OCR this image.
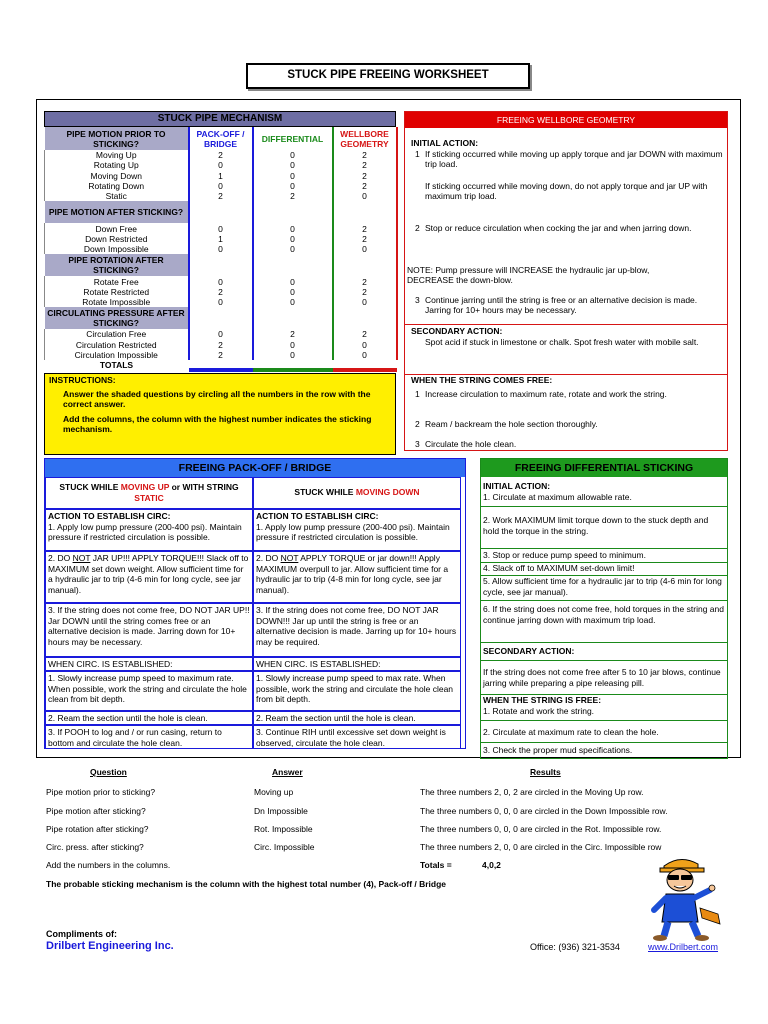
STUCK PIPE FREEING WORKSHEET
STUCK PIPE MECHANISM
PIPE MOTION PRIOR TO STICKING?	PACK-OFF / BRIDGE	DIFFERENTIAL	WELLBORE GEOMETRY
Moving Up	2	0	2
Rotating Up	0	0	2
Moving Down	1	0	2
Rotating Down	0	0	2
Static	2	2	0
PIPE MOTION AFTER STICKING?			
Down Free	0	0	2
Down Restricted	1	0	2
Down Impossible	0	0	0
PIPE ROTATION AFTER STICKING?			
Rotate Free	0	0	2
Rotate Restricted	2	0	2
Rotate Impossible	0	0	0
CIRCULATING PRESSURE AFTER STICKING?			
Circulation Free	0	2	2
Circulation Restricted	2	0	0
Circulation Impossible	2	0	0
TOTALS			
INSTRUCTIONS:
Answer the shaded questions by circling all the numbers in the row with the correct answer.
Add the columns, the column with the highest number indicates the sticking mechanism.
FREEING WELLBORE GEOMETRY
INITIAL ACTION:
1 If sticking occurred while moving up apply torque and jar DOWN with maximum trip load.
If sticking occurred while moving down, do not apply torque and jar UP with maximum trip load.
2 Stop or reduce circulation when cocking the jar and when jarring down.
NOTE: Pump pressure will INCREASE the hydraulic jar up-blow, DECREASE the down-blow.
3 Continue jarring until the string is free or an alternative decision is made. Jarring for 10+ hours may be necessary.
SECONDARY ACTION:
Spot acid if stuck in limestone or chalk. Spot fresh water with mobile salt.
WHEN THE STRING COMES FREE:
1 Increase circulation to maximum rate, rotate and work the string.
2 Ream / backream the hole section thoroughly.
3 Circulate the hole clean.
FREEING PACK-OFF / BRIDGE
STUCK WHILE MOVING UP or WITH STRING STATIC
ACTION TO ESTABLISH CIRC:
1. Apply low pump pressure (200-400 psi). Maintain pressure if restricted circulation is possible.
2. DO NOT JAR UP!!! APPLY TORQUE!!! Slack off to MAXIMUM set down weight. Allow sufficient time for a hydraulic jar to trip (4-6 min for long cycle, see jar manual).
3. If the string does not come free, DO NOT JAR UP!! Jar DOWN until the string comes free or an alternative decision is made. Jarring down for 10+ hours may be necessary.
WHEN CIRC. IS ESTABLISHED:
1. Slowly increase pump speed to maximum rate. When possible, work the string and circulate the hole clean from bit depth.
2. Ream the section until the hole is clean.
3. If POOH to log and / or run casing, return to bottom and circulate the hole clean.
STUCK WHILE MOVING DOWN
ACTION TO ESTABLISH CIRC:
1. Apply low pump pressure (200-400 psi). Maintain pressure if restricted circulation is possible.
2. DO NOT APPLY TORQUE or jar down!!! Apply MAXIMUM overpull to jar. Allow sufficient time for a hydraulic jar to trip (4-8 min for long cycle, see jar manual).
3. If the string does not come free, DO NOT JAR DOWN!!! Jar up until the string is free or an alternative decision is made. Jarring up for 10+ hours may be required.
WHEN CIRC. IS ESTABLISHED:
1. Slowly increase pump speed to max rate. When possible, work the string and circulate the hole clean from bit depth.
2. Ream the section until the hole is clean.
3. Continue RIH until excessive set down weight is observed, circulate the hole clean.
FREEING DIFFERENTIAL STICKING
INITIAL ACTION:
1. Circulate at maximum allowable rate.
2. Work MAXIMUM limit torque down to the stuck depth and hold the torque in the string.
3. Stop or reduce pump speed to minimum.
4. Slack off to MAXIMUM set-down limit!
5. Allow sufficient time for a hydraulic jar to trip (4-6 min for long cycle, see jar manual).
6. If the string does not come free, hold torques in the string and continue jarring down with maximum trip load.
SECONDARY ACTION:
If the string does not come free after 5 to 10 jar blows, continue jarring while preparing a pipe releasing pill.
WHEN THE STRING IS FREE:
1. Rotate and work the string.
2. Circulate at maximum rate to clean the hole.
3. Check the proper mud specifications.
Question	Answer	Results
Pipe motion prior to sticking?	Moving up	The three numbers 2, 0, 2 are circled in the Moving Up row.
Pipe motion after sticking?	Dn Impossible	The three numbers 0, 0, 0 are circled in the Down Impossible row.
Pipe rotation after sticking?	Rot. Impossible	The three numbers 0, 0, 0 are circled in the Rot. Impossible row.
Circ. press. after sticking?	Circ. Impossible	The three numbers 2, 0, 0 are circled in the Circ. Impossible row
Add the numbers in the columns.	Totals =	4,0,2
The probable sticking mechanism is the column with the highest total number (4), Pack-off / Bridge
Compliments of:
Drilbert Engineering Inc.	Office: (936) 321-3534	www.Drilbert.com
